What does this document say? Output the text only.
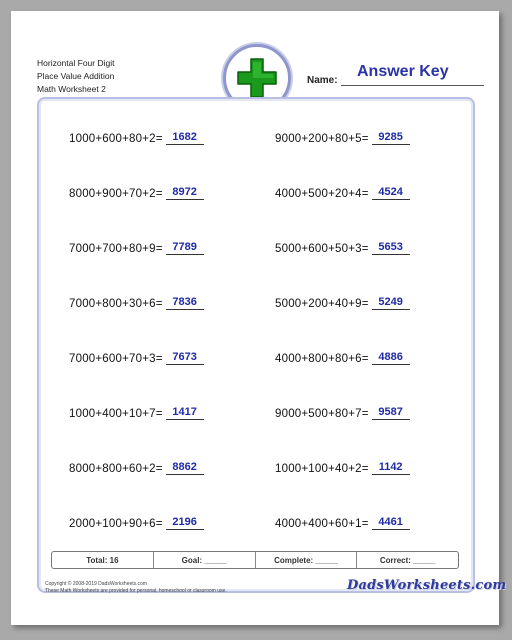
Horizontal Four Digit
Place Value Addition
Math Worksheet 2
Name:
Answer Key
1000+600+80+2= 1682
8000+900+70+2= 8972
7000+700+80+9= 7789
7000+800+30+6= 7836
7000+600+70+3= 7673
1000+400+10+7= 1417
8000+800+60+2= 8862
2000+100+90+6= 2196
9000+200+80+5= 9285
4000+500+20+4= 4524
5000+600+50+3= 5653
5000+200+40+9= 5249
4000+800+80+6= 4886
9000+500+80+7= 9587
1000+100+40+2= 1142
4000+400+60+1= 4461
Total: 16	Goal: _____	Complete: _____	Correct: _____
Copyright © 2008-2019 DadsWorksheets.com
These Math Worksheets are provided for personal, homeschool or classroom use.	DadsWorksheets.com
